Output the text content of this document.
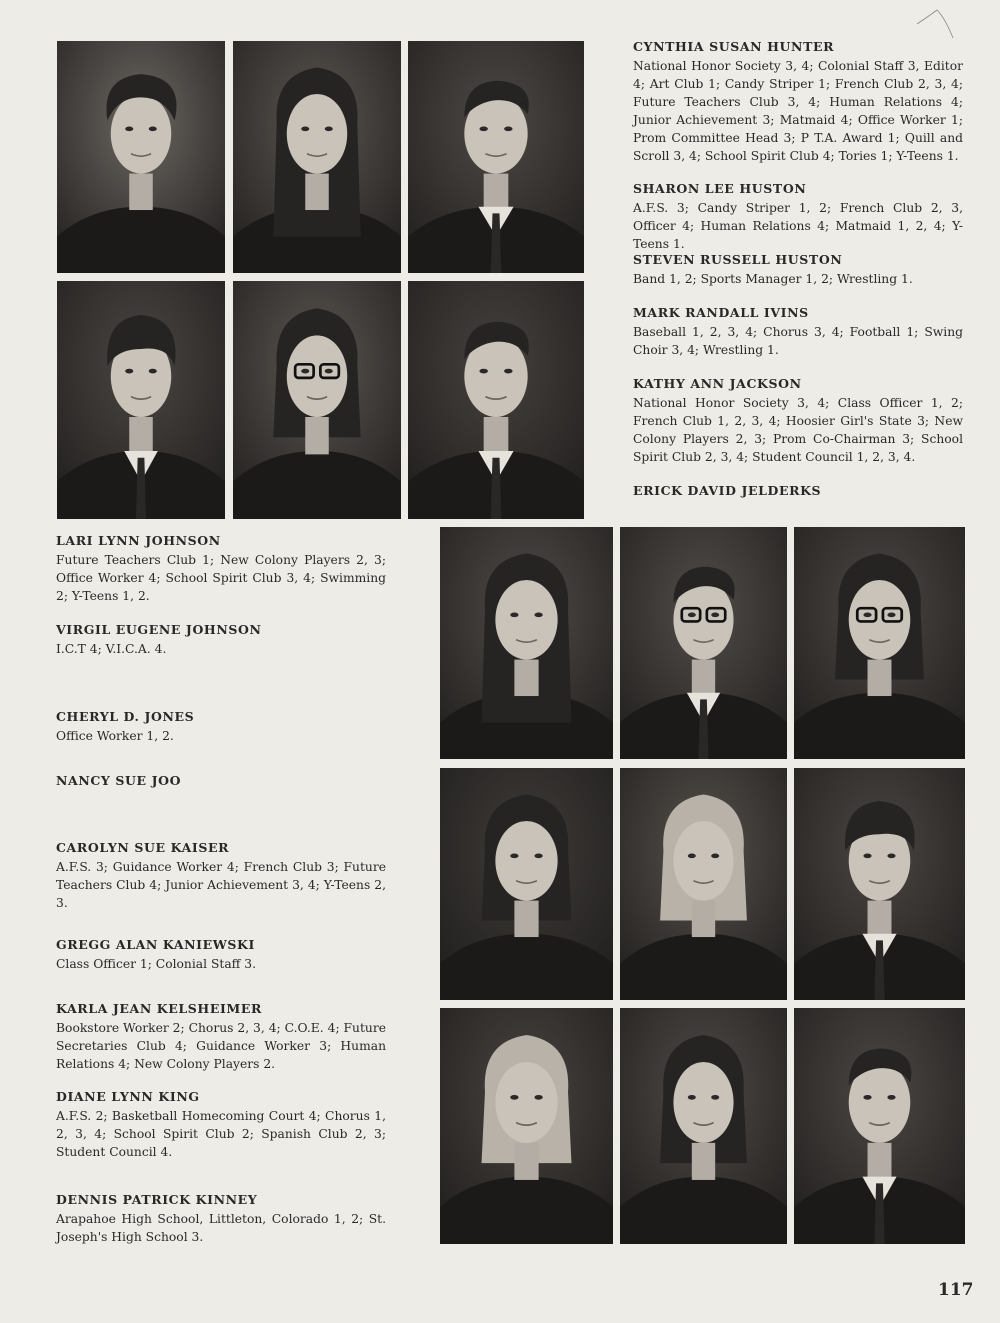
CYNTHIA SUSAN HUNTER

National Honor Society 3, 4; Colonial Staff 3, Editor 4; Art Club 1; Candy Striper 1; French Club 2, 3, 4; Future Teachers Club 3, 4; Human Relations 4; Junior Achievement 3; Matmaid 4; Office Worker 1; Prom Committee Head 3; P T.A. Award 1; Quill and Scroll 3, 4; School Spirit Club 4; Tories 1; Y-Teens 1.

SHARON LEE HUSTON

A.F.S. 3; Candy Striper 1, 2; French Club 2, 3, Officer 4; Human Relations 4; Matmaid 1, 2, 4; Y-Teens 1.

STEVEN RUSSELL HUSTON

Band 1, 2; Sports Manager 1, 2; Wrestling 1.

MARK RANDALL IVINS

Baseball 1, 2, 3, 4; Chorus 3, 4; Football 1; Swing Choir 3, 4; Wrestling 1.

KATHY ANN JACKSON

National Honor Society 3, 4; Class Officer 1, 2; French Club 1, 2, 3, 4; Hoosier Girl's State 3; New Colony Players 2, 3; Prom Co-Chairman 3; School Spirit Club 2, 3, 4; Student Council 1, 2, 3, 4.

ERICK DAVID JELDERKS

LARI LYNN JOHNSON

Future Teachers Club 1; New Colony Players 2, 3; Office Worker 4; School Spirit Club 3, 4; Swimming 2; Y-Teens 1, 2.

VIRGIL EUGENE JOHNSON

I.C.T 4; V.I.C.A. 4.

CHERYL D. JONES

Office Worker 1, 2.

NANCY SUE JOO

CAROLYN SUE KAISER

A.F.S. 3; Guidance Worker 4; French Club 3; Future Teachers Club 4; Junior Achievement 3, 4; Y-Teens 2, 3.

GREGG ALAN KANIEWSKI

Class Officer 1; Colonial Staff 3.

KARLA JEAN KELSHEIMER

Bookstore Worker 2; Chorus 2, 3, 4; C.O.E. 4; Future Secretaries Club 4; Guidance Worker 3; Human Relations 4; New Colony Players 2.

DIANE LYNN KING

A.F.S. 2; Basketball Homecoming Court 4; Chorus 1, 2, 3, 4; School Spirit Club 2; Spanish Club 2, 3; Student Council 4.

DENNIS PATRICK KINNEY

Arapahoe High School, Littleton, Colorado 1, 2; St. Joseph's High School 3.

117
